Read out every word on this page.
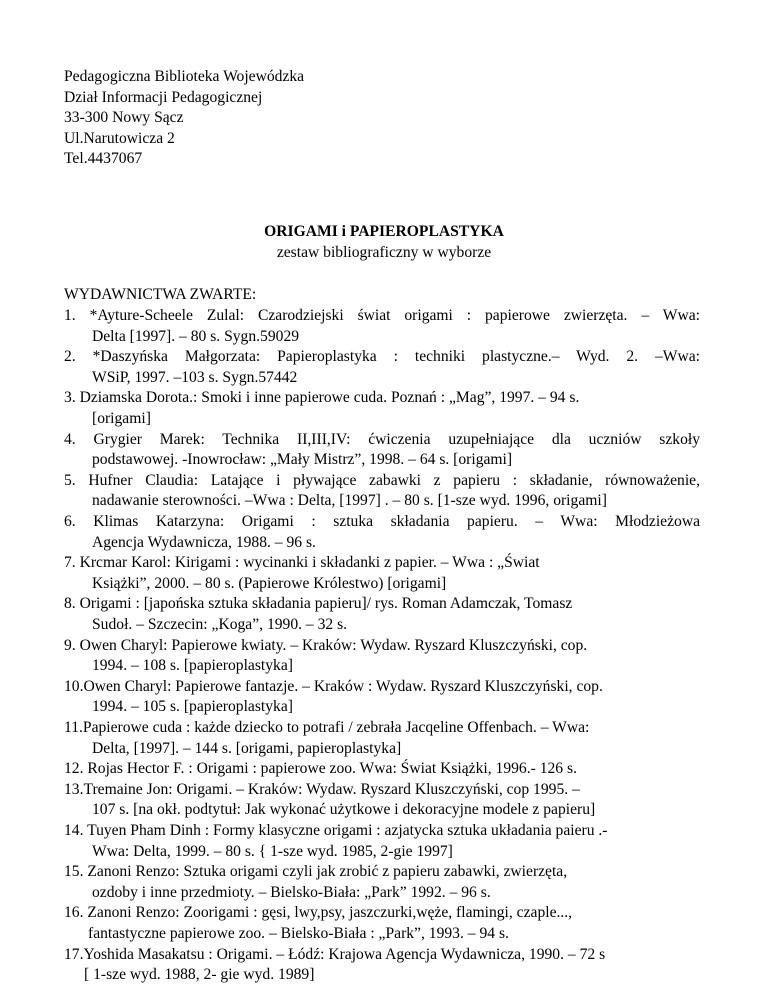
Pedagogiczna Biblioteka Wojewódzka
Dział Informacji Pedagogicznej
33-300 Nowy Sącz
Ul.Narutowicza 2
Tel.4437067
ORIGAMI i PAPIEROPLASTYKA
zestaw bibliograficzny w wyborze
WYDAWNICTWA ZWARTE:
1. *Ayture-Scheele Zulal: Czarodziejski świat origami : papierowe zwierzęta. – Wwa:
Delta [1997]. – 80 s. Sygn.59029
2. *Daszyńska Małgorzata: Papieroplastyka : techniki plastyczne.– Wyd. 2. –Wwa:
WSiP, 1997. –103 s. Sygn.57442
3. Dziamska Dorota.: Smoki i inne papierowe cuda. Poznań : „Mag”, 1997. – 94 s.
[origami]
4. Grygier Marek: Technika II,III,IV: ćwiczenia uzupełniające dla uczniów szkoły
podstawowej. -Inowrocław: „Mały Mistrz”, 1998. – 64 s. [origami]
5. Hufner Claudia: Latające i pływające zabawki z papieru : składanie, równoważenie,
nadawanie sterowności. –Wwa : Delta, [1997] . – 80 s. [1-sze wyd. 1996, origami]
6. Klimas Katarzyna: Origami : sztuka składania papieru. – Wwa: Młodzieżowa
Agencja Wydawnicza, 1988. – 96 s.
7. Krcmar Karol: Kirigami : wycinanki i składanki z papier. – Wwa : „Świat
Książki”, 2000. – 80 s. (Papierowe Królestwo) [origami]
8. Origami : [japońska sztuka składania papieru]/ rys. Roman Adamczak, Tomasz
Sudoł. – Szczecin: „Koga”, 1990. – 32 s.
9. Owen Charyl: Papierowe kwiaty. – Kraków: Wydaw. Ryszard Kluszczyński, cop.
1994. – 108 s. [papieroplastyka]
10.Owen Charyl: Papierowe fantazje. – Kraków : Wydaw. Ryszard Kluszczyński, cop.
1994. – 105 s. [papieroplastyka]
11.Papierowe cuda : każde dziecko to potrafi / zebrała Jacqeline Offenbach. – Wwa:
Delta, [1997]. – 144 s. [origami, papieroplastyka]
12. Rojas Hector F. : Origami : papierowe zoo. Wwa: Świat Książki, 1996.- 126 s.
13.Tremaine Jon: Origami. – Kraków: Wydaw. Ryszard Kluszczyński, cop 1995. –
107 s. [na okł. podtytuł: Jak wykonać użytkowe i dekoracyjne modele z papieru]
14. Tuyen Pham Dinh : Formy klasyczne origami : azjatycka sztuka układania paieru .-
Wwa: Delta, 1999. – 80 s. { 1-sze wyd. 1985, 2-gie 1997]
15. Zanoni Renzo: Sztuka origami czyli jak zrobić z papieru zabawki, zwierzęta,
ozdoby i inne przedmioty. – Bielsko-Biała: „Park” 1992. – 96 s.
16. Zanoni Renzo: Zoorigami : gęsi, lwy,psy, jaszczurki,węże, flamingi, czaple...,
fantastyczne papierowe zoo. – Bielsko-Biała : „Park”, 1993. – 94 s.
17.Yoshida Masakatsu : Origami. – Łódź: Krajowa Agencja Wydawnicza, 1990. – 72 s
[ 1-sze wyd. 1988, 2- gie wyd. 1989]
